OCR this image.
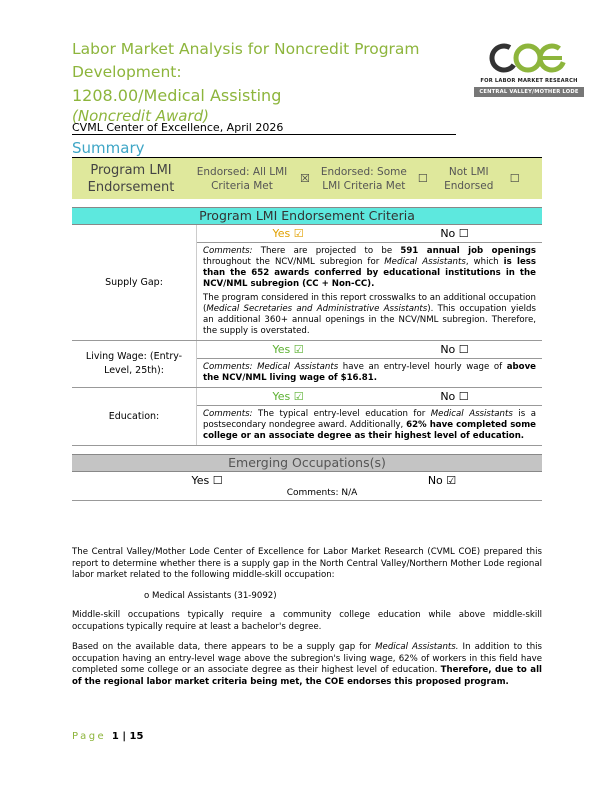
Labor Market Analysis for Noncredit Program
Development:
1208.00/Medical Assisting
(Noncredit Award)
CVML Center of Excellence, April 2026
FOR LABOR MARKET RESEARCH
CENTRAL VALLEY/MOTHER LODE
Summary
Program LMI Endorsement
Endorsed: All LMI Criteria Met
☒
Endorsed: Some LMI Criteria Met
☐
Not LMI Endorsed
☐
Program LMI Endorsement Criteria
Supply Gap:
Yes ☑	No ☐

Comments: There are projected to be 591 annual job openings throughout the NCV/NML subregion for Medical Assistants, which is less than the 652 awards conferred by educational institutions in the NCV/NML subregion (CC + Non-CC).

The program considered in this report crosswalks to an additional occupation (Medical Secretaries and Administrative Assistants). This occupation yields an additional 360+ annual openings in the NCV/NML subregion. Therefore, the supply is overstated.

Living Wage: (Entry-Level, 25th):
Yes ☑	No ☐

Comments: Medical Assistants have an entry-level hourly wage of above the NCV/NML living wage of $16.81.

Education:
Yes ☑	No ☐

Comments: The typical entry-level education for Medical Assistants is a postsecondary nondegree award. Additionally, 62% have completed some college or an associate degree as their highest level of education.

Emerging Occupations(s)
Yes ☐	No ☑
Comments: N/A

The Central Valley/Mother Lode Center of Excellence for Labor Market Research (CVML COE) prepared this report to determine whether there is a supply gap in the North Central Valley/Northern Mother Lode regional labor market related to the following middle-skill occupation:

o Medical Assistants (31-9092)

Middle-skill occupations typically require a community college education while above middle-skill occupations typically require at least a bachelor's degree.

Based on the available data, there appears to be a supply gap for Medical Assistants. In addition to this occupation having an entry-level wage above the subregion's living wage, 62% of workers in this field have completed some college or an associate degree as their highest level of education. Therefore, due to all of the regional labor market criteria being met, the COE endorses this proposed program.

Page 1 | 15
